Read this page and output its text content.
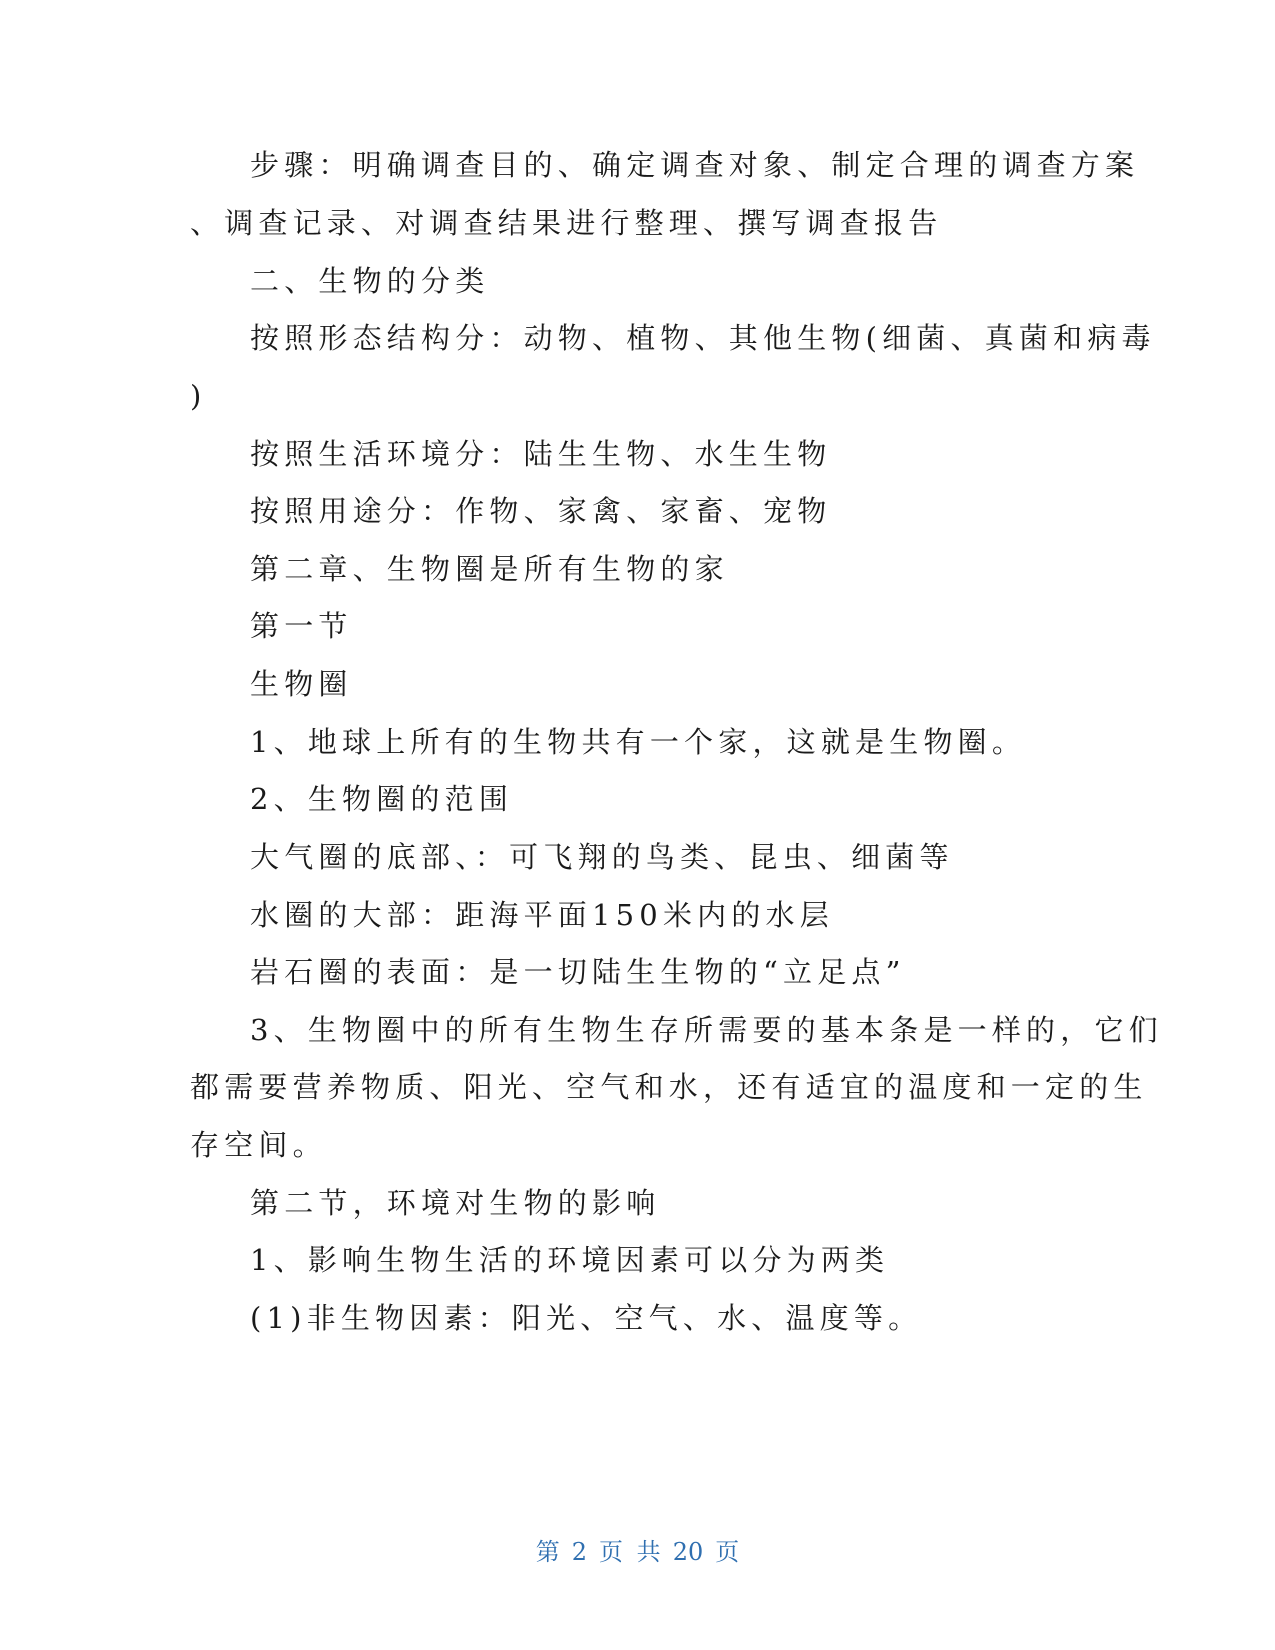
步骤：明确调查目的、确定调查对象、制定合理的调查方案
、调查记录、对调查结果进行整理、撰写调查报告
二、生物的分类
按照形态结构分：动物、植物、其他生物(细菌、真菌和病毒
)
按照生活环境分：陆生生物、水生生物
按照用途分：作物、家禽、家畜、宠物
第二章、生物圈是所有生物的家
第一节
生物圈
1、地球上所有的生物共有一个家，这就是生物圈。
2、生物圈的范围
大气圈的底部、：可飞翔的鸟类、昆虫、细菌等
水圈的大部：距海平面150米内的水层
岩石圈的表面：是一切陆生生物的“立足点”
3、生物圈中的所有生物生存所需要的基本条是一样的，它们
都需要营养物质、阳光、空气和水，还有适宜的温度和一定的生
存空间。
第二节，环境对生物的影响
1、影响生物生活的环境因素可以分为两类
(1)非生物因素：阳光、空气、水、温度等。
第 2 页 共 20 页
